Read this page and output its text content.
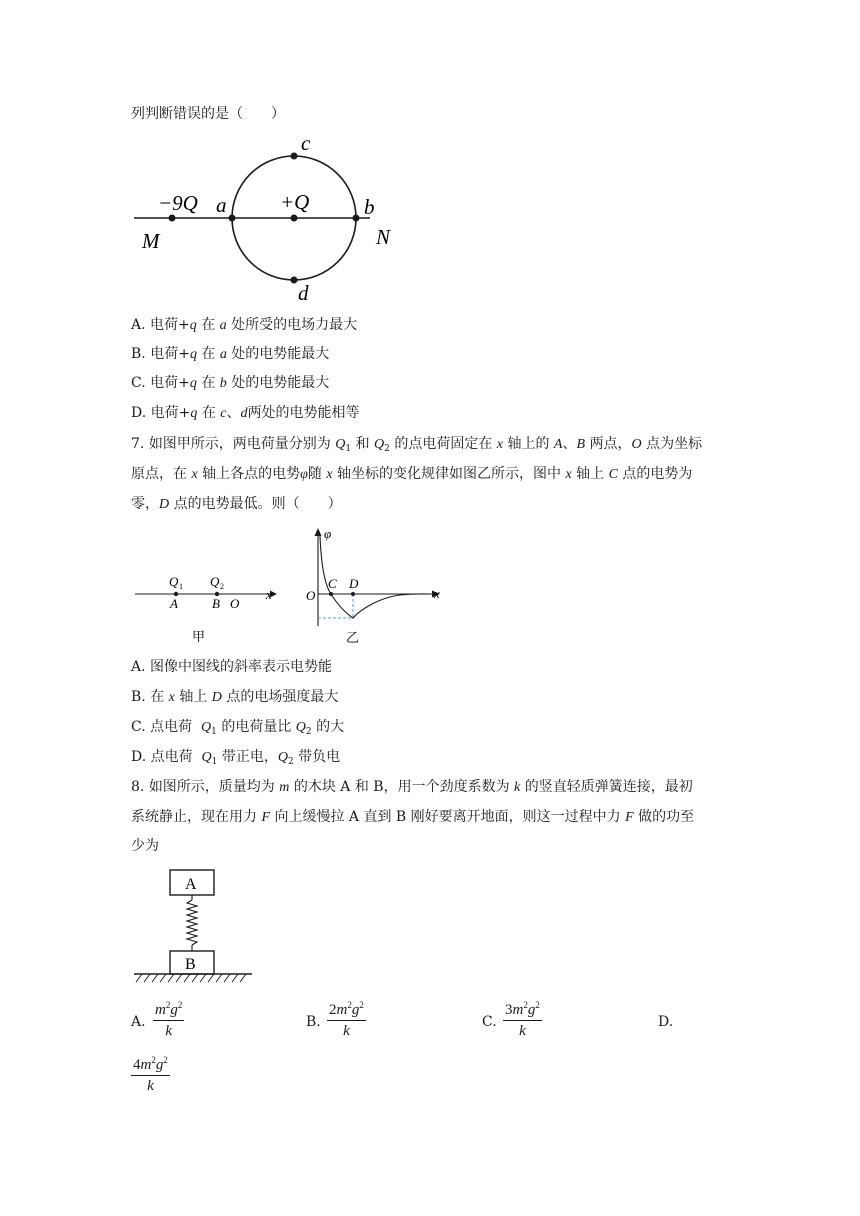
列判断错误的是（　　）
c
−9Q a	+Q	b
M	N
d
A. 电荷+q 在 a 处所受的电场力最大
B. 电荷+q 在 a 处的电势能最大
C. 电荷+q 在 b 处的电势能最大
D. 电荷+q 在 c、d两处的电势能相等
7. 如图甲所示，两电荷量分别为 $Q_1$ 和 $Q_2$ 的点电荷固定在 x 轴上的 A、B 两点，O 点为坐标
原点，在 x 轴上各点的电势φ随 x 轴坐标的变化规律如图乙所示，图中 x 轴上 C 点的电势为
零，D 点的电势最低。则（　　）
Q 1 Q 2
A	B O
x
甲
φ
O
C D
x
乙
A. 图像中图线的斜率表示电势能
B. 在 x 轴上 D 点的电场强度最大
C. 点电荷 $Q_1$ 的电荷量比 $Q_2$ 的大
D. 点电荷 $Q_1$ 带正电，$Q_2$ 带负电
8. 如图所示，质量均为 m 的木块 A 和 B，用一个劲度系数为 k 的竖直轻质弹簧连接，最初
系统静止，现在用力 F 向上缓慢拉 A 直到 B 刚好要离开地面，则这一过程中力 F 做的功至
少为
A
B
A.
$m^2g^2$
k
B.
$2m^2g^2$
k
C.
$3m^2g^2$
k
D.
$4m^2g^2$
k
